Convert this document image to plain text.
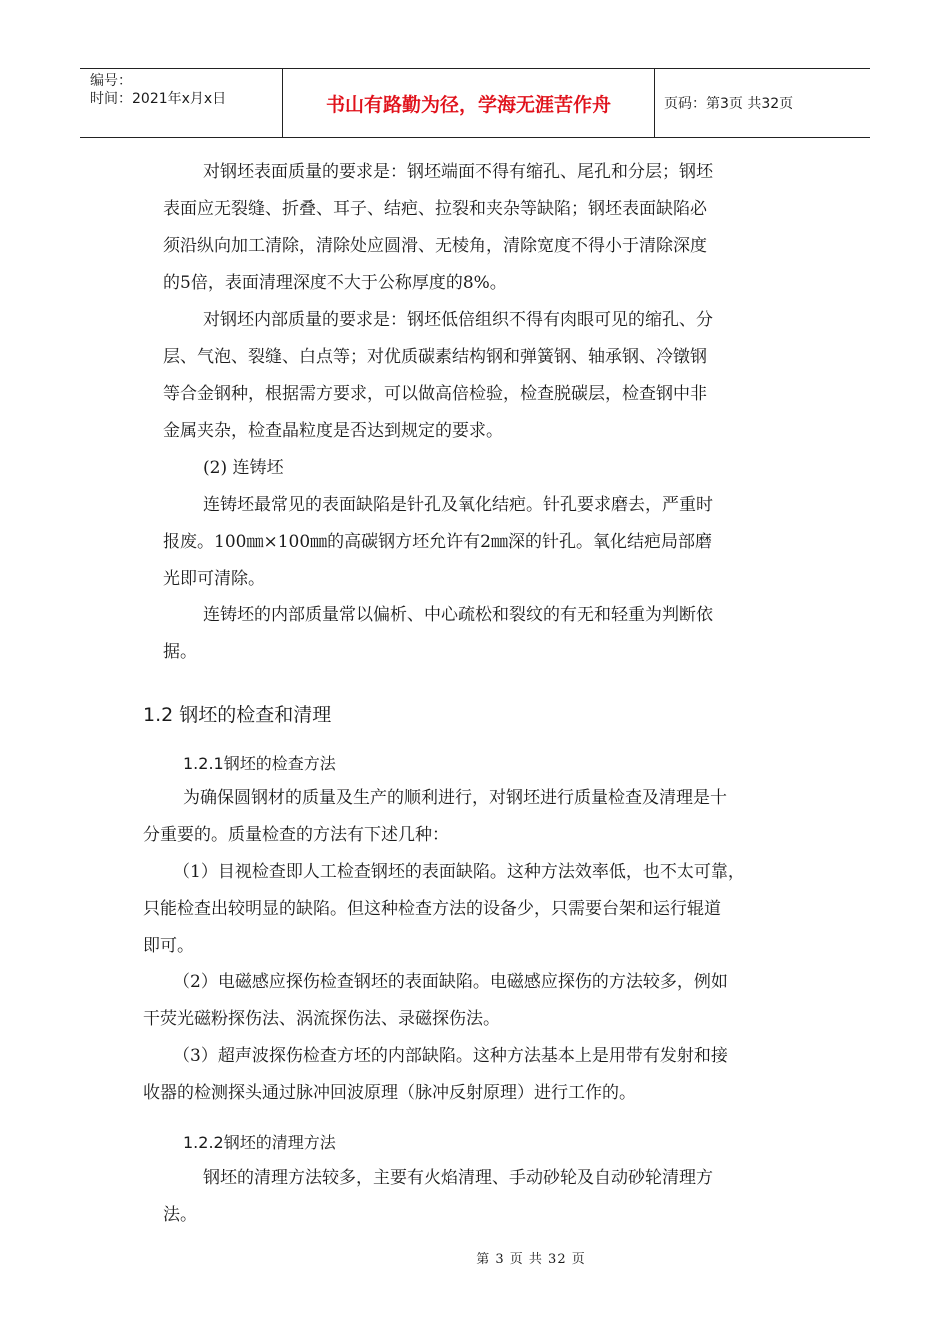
编号：
时间：2021年x月x日	书山有路勤为径，学海无涯苦作舟	页码：第3页 共32页
对钢坯表面质量的要求是：钢坯端面不得有缩孔、尾孔和分层；钢坯
表面应无裂缝、折叠、耳子、结疤、拉裂和夹杂等缺陷；钢坯表面缺陷必
须沿纵向加工清除，清除处应圆滑、无棱角，清除宽度不得小于清除深度
的5倍，表面清理深度不大于公称厚度的8%。
对钢坯内部质量的要求是：钢坯低倍组织不得有肉眼可见的缩孔、分
层、气泡、裂缝、白点等；对优质碳素结构钢和弹簧钢、轴承钢、冷镦钢
等合金钢种，根据需方要求，可以做高倍检验，检查脱碳层，检查钢中非
金属夹杂，检查晶粒度是否达到规定的要求。
(2) 连铸坯
连铸坯最常见的表面缺陷是针孔及氧化结疤。针孔要求磨去，严重时
报废。100㎜×100㎜的高碳钢方坯允许有2㎜深的针孔。氧化结疤局部磨
光即可清除。
连铸坯的内部质量常以偏析、中心疏松和裂纹的有无和轻重为判断依
据。
1.2 钢坯的检查和清理
1.2.1钢坯的检查方法
为确保圆钢材的质量及生产的顺利进行，对钢坯进行质量检查及清理是十
分重要的。质量检查的方法有下述几种：
（1）目视检查即人工检查钢坯的表面缺陷。这种方法效率低，也不太可靠，
只能检查出较明显的缺陷。但这种检查方法的设备少，只需要台架和运行辊道
即可。
（2）电磁感应探伤检查钢坯的表面缺陷。电磁感应探伤的方法较多，例如
干荧光磁粉探伤法、涡流探伤法、录磁探伤法。
（3）超声波探伤检查方坯的内部缺陷。这种方法基本上是用带有发射和接
收器的检测探头通过脉冲回波原理（脉冲反射原理）进行工作的。
1.2.2钢坯的清理方法
钢坯的清理方法较多，主要有火焰清理、手动砂轮及自动砂轮清理方
法。
第 3 页 共 32 页
